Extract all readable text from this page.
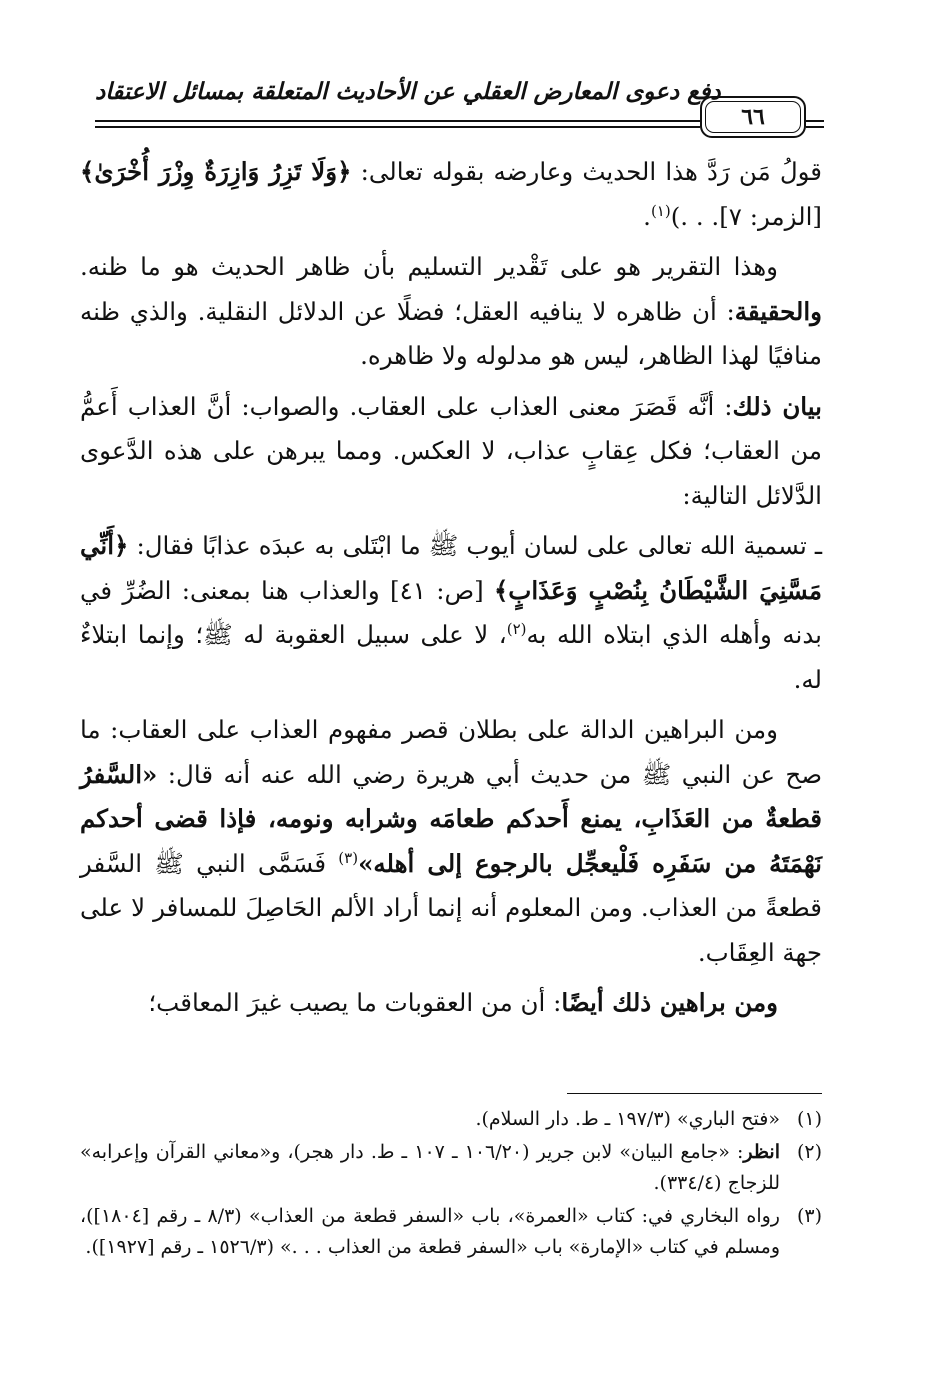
دفع دعوى المعارض العقلي عن الأحاديث المتعلقة بمسائل الاعتقاد
٦٦

قولُ مَن رَدَّ هذا الحديث وعارضه بقوله تعالى: ﴿وَلَا تَزِرُ وَازِرَةٌ وِزْرَ أُخْرَىٰ﴾ [الزمر: ٧]. . .)$^{(١)}$.

وهذا التقرير هو على تَقْدير التسليم بأن ظاهر الحديث هو ما ظنه. والحقيقة: أن ظاهره لا ينافيه العقل؛ فضلًا عن الدلائل النقلية. والذي ظنه منافيًا لهذا الظاهر، ليس هو مدلوله ولا ظاهره.

بيان ذلك: أنَّه قَصَرَ معنى العذاب على العقاب. والصواب: أنَّ العذاب أَعمُّ من العقاب؛ فكل عِقابٍ عذاب، لا العكس. ومما يبرهن على هذه الدَّعوى الدَّلائل التالية:

ـ تسمية الله تعالى على لسان أيوب ﷺ ما ابْتَلى به عبدَه عذابًا فقال: ﴿أَنِّي مَسَّنِيَ الشَّيْطَانُ بِنُصْبٍ وَعَذَابٍ﴾ [ص: ٤١] والعذاب هنا بمعنى: الضُرِّ في بدنه وأهله الذي ابتلاه الله به$^{(٢)}$، لا على سبيل العقوبة له ﷺ؛ وإنما ابتلاءٌ له.

ومن البراهين الدالة على بطلان قصر مفهوم العذاب على العقاب: ما صح عن النبي ﷺ من حديث أبي هريرة رضي الله عنه أنه قال: «السَّفرُ قطعةٌ من العَذَابِ، يمنع أَحدكم طعامَه وشرابه ونومه، فإذا قضى أحدكم نَهْمَتَهُ من سَفَرِه فَلْيعجِّل بالرجوع إلى أهله»$^{(٣)}$ فَسَمَّى النبي ﷺ السَّفر قطعةً من العذاب. ومن المعلوم أنه إنما أراد الألم الحَاصِلَ للمسافر لا على جهة العِقَاب.

ومن براهين ذلك أيضًا: أن من العقوبات ما يصيب غيرَ المعاقب؛

(١)
«فتح الباري» (١٩٧/٣ ـ ط. دار السلام).
(٢)
انظر: «جامع البيان» لابن جرير (١٠٦/٢٠ ـ ١٠٧ ـ ط. دار هجر)، و«معاني القرآن وإعرابه» للزجاج (٣٣٤/٤).
(٣)
رواه البخاري في: كتاب «العمرة»، باب «السفر قطعة من العذاب» (٨/٣ ـ رقم [١٨٠٤])، ومسلم في كتاب «الإمارة» باب «السفر قطعة من العذاب . . .» (١٥٢٦/٣ ـ رقم [١٩٢٧]).
